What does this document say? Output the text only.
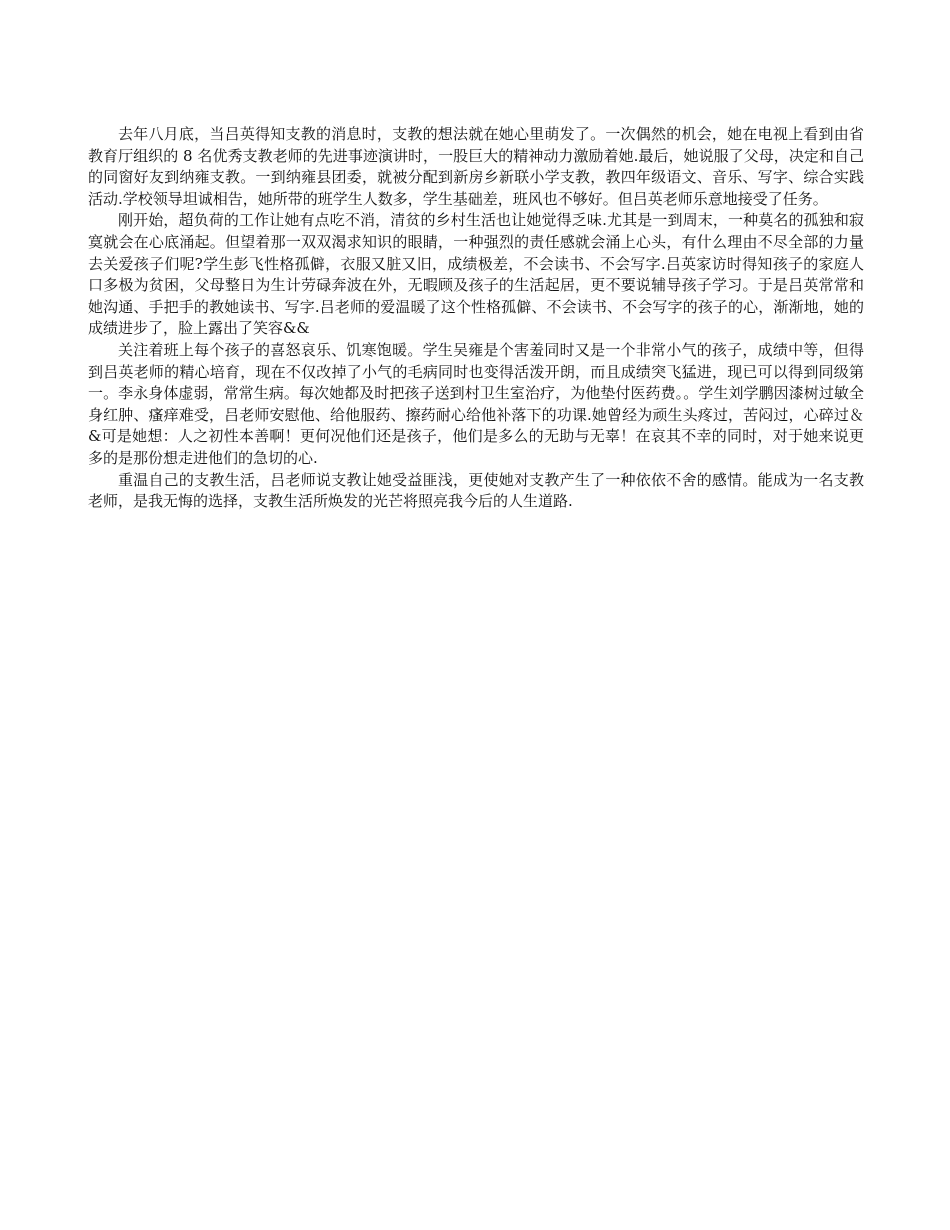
去年八月底，当吕英得知支教的消息时，支教的想法就在她心里萌发了。一次偶然的机会，她在电视上看到由省教育厅组织的 8 名优秀支教老师的先进事迹演讲时，一股巨大的精神动力激励着她.最后，她说服了父母，决定和自己的同窗好友到纳雍支教。一到纳雍县团委，就被分配到新房乡新联小学支教，教四年级语文、音乐、写字、综合实践活动.学校领导坦诚相告，她所带的班学生人数多，学生基础差，班风也不够好。但吕英老师乐意地接受了任务。

刚开始，超负荷的工作让她有点吃不消，清贫的乡村生活也让她觉得乏味.尤其是一到周末，一种莫名的孤独和寂寞就会在心底涌起。但望着那一双双渴求知识的眼睛，一种强烈的责任感就会涌上心头，有什么理由不尽全部的力量去关爱孩子们呢?学生彭飞性格孤僻，衣服又脏又旧，成绩极差，不会读书、不会写字.吕英家访时得知孩子的家庭人口多极为贫困，父母整日为生计劳碌奔波在外，无暇顾及孩子的生活起居，更不要说辅导孩子学习。于是吕英常常和她沟通、手把手的教她读书、写字.吕老师的爱温暖了这个性格孤僻、不会读书、不会写字的孩子的心，渐渐地，她的成绩进步了，脸上露出了笑容&&

关注着班上每个孩子的喜怒哀乐、饥寒饱暖。学生吴雍是个害羞同时又是一个非常小气的孩子，成绩中等，但得到吕英老师的精心培育，现在不仅改掉了小气的毛病同时也变得活泼开朗，而且成绩突飞猛进，现已可以得到同级第一。李永身体虚弱，常常生病。每次她都及时把孩子送到村卫生室治疗，为他垫付医药费。。学生刘学鹏因漆树过敏全身红肿、瘙痒难受，吕老师安慰他、给他服药、擦药耐心给他补落下的功课.她曾经为顽生头疼过，苦闷过，心碎过＆&可是她想：人之初性本善啊！更何况他们还是孩子，他们是多么的无助与无辜！在哀其不幸的同时，对于她来说更多的是那份想走进他们的急切的心.

重温自己的支教生活，吕老师说支教让她受益匪浅，更使她对支教产生了一种依依不舍的感情。能成为一名支教老师，是我无悔的选择，支教生活所焕发的光芒将照亮我今后的人生道路.
